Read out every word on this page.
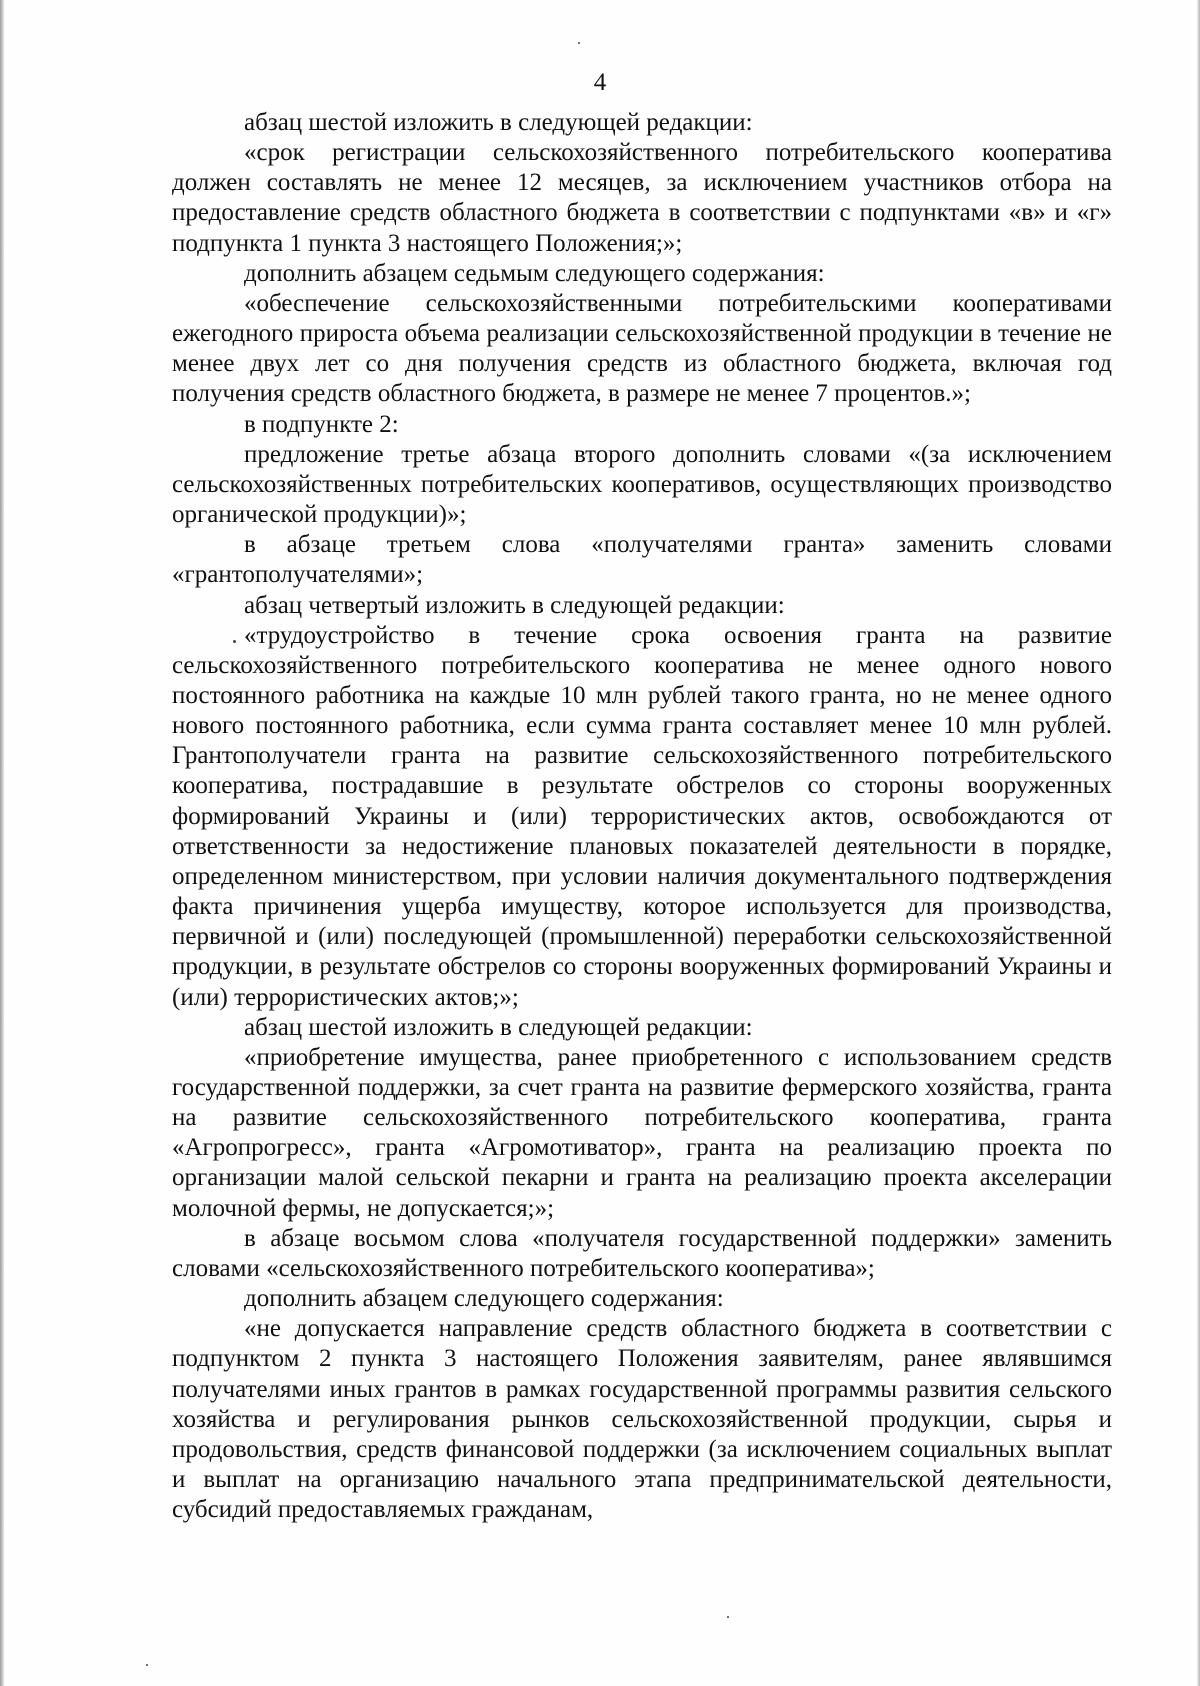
4

абзац шестой изложить в следующей редакции:

«срок регистрации сельскохозяйственного потребительского кооператива должен составлять не менее 12 месяцев, за исключением участников отбора на предоставление средств областного бюджета в соответствии с подпунктами «в» и «г» подпункта 1 пункта 3 настоящего Положения;»;

дополнить абзацем седьмым следующего содержания:

«обеспечение сельскохозяйственными потребительскими кооперативами ежегодного прироста объема реализации сельскохозяйственной продукции в течение не менее двух лет со дня получения средств из областного бюджета, включая год получения средств областного бюджета, в размере не менее 7 процентов.»;

в подпункте 2:

предложение третье абзаца второго дополнить словами «(за исключением сельскохозяйственных потребительских кооперативов, осуществляющих производство органической продукции)»;

в абзаце третьем слова «получателями гранта» заменить словами «грантополучателями»;

абзац четвертый изложить в следующей редакции:

«трудоустройство в течение срока освоения гранта на развитие сельскохозяйственного потребительского кооператива не менее одного нового постоянного работника на каждые 10 млн рублей такого гранта, но не менее одного нового постоянного работника, если сумма гранта составляет менее 10 млн рублей. Грантополучатели гранта на развитие сельскохозяйственного потребительского кооператива, пострадавшие в результате обстрелов со стороны вооруженных формирований Украины и (или) террористических актов, освобождаются от ответственности за недостижение плановых показателей деятельности в порядке, определенном министерством, при условии наличия документального подтверждения факта причинения ущерба имуществу, которое используется для производства, первичной и (или) последующей (промышленной) переработки сельскохозяйственной продукции, в результате обстрелов со стороны вооруженных формирований Украины и (или) террористических актов;»;

абзац шестой изложить в следующей редакции:

«приобретение имущества, ранее приобретенного с использованием средств государственной поддержки, за счет гранта на развитие фермерского хозяйства, гранта на развитие сельскохозяйственного потребительского кооператива, гранта «Агропрогресс», гранта «Агромотиватор», гранта на реализацию проекта по организации малой сельской пекарни и гранта на реализацию проекта акселерации молочной фермы, не допускается;»;

в абзаце восьмом слова «получателя государственной поддержки» заменить словами «сельскохозяйственного потребительского кооператива»;

дополнить абзацем следующего содержания:

«не допускается направление средств областного бюджета в соответствии с подпунктом 2 пункта 3 настоящего Положения заявителям, ранее являвшимся получателями иных грантов в рамках государственной программы развития сельского хозяйства и регулирования рынков сельскохозяйственной продукции, сырья и продовольствия, средств финансовой поддержки (за исключением социальных выплат и выплат на организацию начального этапа предпринимательской деятельности, субсидий предоставляемых гражданам,
